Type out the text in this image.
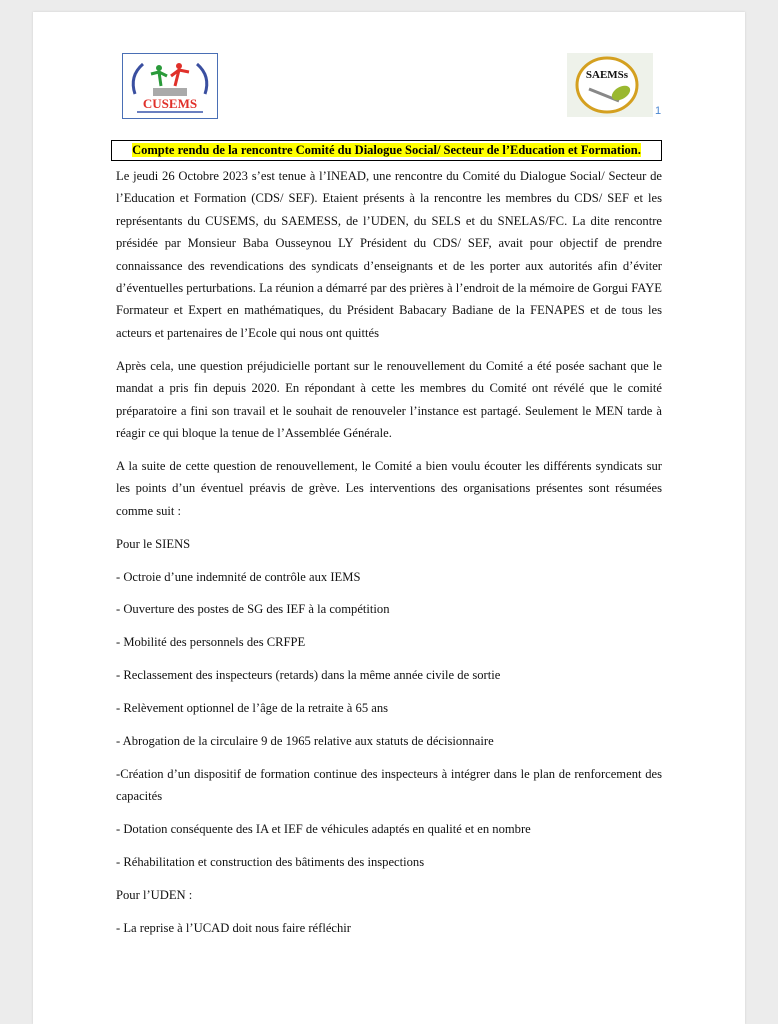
CUSEMS
SAEMSs
1
Compte rendu de la rencontre Comité du Dialogue Social/ Secteur de l’Education et Formation.

Le jeudi 26 Octobre 2023 s’est tenue à l’INEAD, une rencontre du Comité du Dialogue Social/ Secteur de l’Education et Formation (CDS/ SEF). Etaient présents à la rencontre les membres du CDS/ SEF et les représentants du CUSEMS, du SAEMESS, de l’UDEN, du SELS et du SNELAS/FC. La dite rencontre présidée par Monsieur Baba Ousseynou LY Président du CDS/ SEF, avait pour objectif de prendre connaissance des revendications des syndicats d’enseignants et de les porter aux autorités afin d’éviter d’éventuelles perturbations. La réunion a démarré par des prières à l’endroit de la mémoire de Gorgui FAYE Formateur et Expert en mathématiques, du Président Babacary Badiane de la FENAPES et de tous les acteurs et partenaires de l’Ecole qui nous ont quittés

Après cela, une question préjudicielle portant sur le renouvellement du Comité a été posée sachant que le mandat a pris fin depuis 2020. En répondant à cette les membres du Comité ont révélé que le comité préparatoire a fini son travail et le souhait de renouveler l’instance est partagé. Seulement le MEN tarde à réagir ce qui bloque la tenue de l’Assemblée Générale.

A la suite de cette question de renouvellement, le Comité a bien voulu écouter les différents syndicats sur les points d’un éventuel préavis de grève. Les interventions des organisations présentes sont résumées comme suit :

Pour le SIENS

- Octroie d’une indemnité de contrôle aux IEMS

- Ouverture des postes de SG des IEF à la compétition

- Mobilité des personnels des CRFPE

- Reclassement des inspecteurs (retards) dans la même année civile de sortie

- Relèvement optionnel de l’âge de la retraite à 65 ans

- Abrogation de la circulaire 9 de 1965 relative aux statuts de décisionnaire

-Création d’un dispositif de formation continue des inspecteurs à intégrer dans le plan de renforcement des capacités

- Dotation conséquente des IA et IEF de véhicules adaptés en qualité et en nombre

- Réhabilitation et construction des bâtiments des inspections

Pour l’UDEN :

- La reprise à l’UCAD doit nous faire réfléchir
